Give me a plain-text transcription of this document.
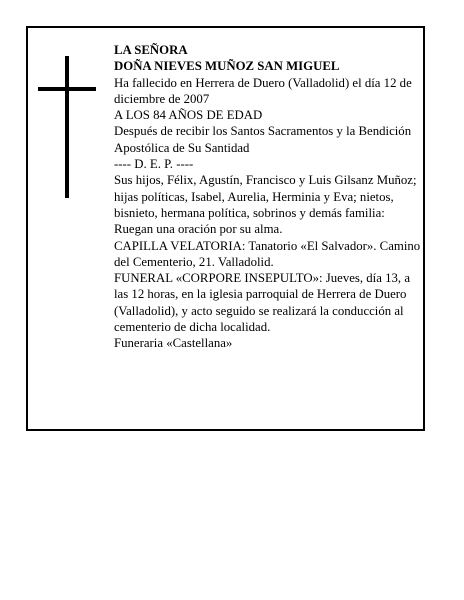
LA SEÑORA

DOÑA NIEVES MUÑOZ SAN MIGUEL

Ha fallecido en Herrera de Duero (Valladolid) el día 12 de diciembre de 2007

A LOS 84 AÑOS DE EDAD

Después de recibir los Santos Sacramentos y la Bendición Apostólica de Su Santidad

---- D. E. P. ----

Sus hijos, Félix, Agustín, Francisco y Luis Gilsanz Muñoz; hijas políticas, Isabel, Aurelia, Herminia y Eva; nietos, bisnieto, hermana política, sobrinos y demás familia:

Ruegan una oración por su alma.

CAPILLA VELATORIA: Tanatorio «El Salvador». Camino del Cementerio, 21. Valladolid.

FUNERAL «CORPORE INSEPULTO»: Jueves, día 13, a las 12 horas, en la iglesia parroquial de Herrera de Duero (Valladolid), y acto seguido se realizará la conducción al cementerio de dicha localidad.

Funeraria «Castellana»
